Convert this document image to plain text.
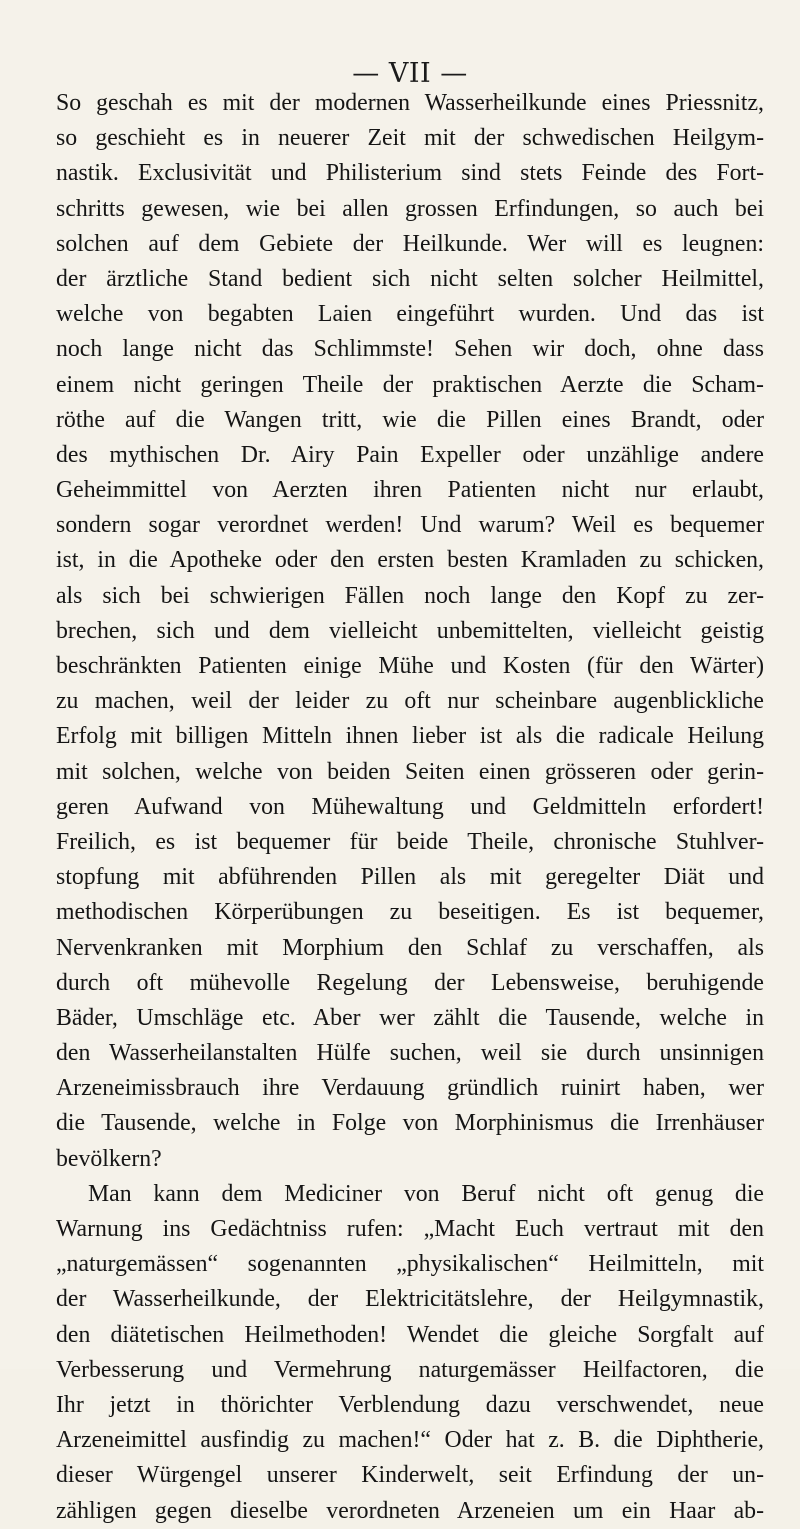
— VII —
So geschah es mit der modernen Wasserheilkunde eines Priessnitz,
so geschieht es in neuerer Zeit mit der schwedischen Heilgym-
nastik. Exclusivität und Philisterium sind stets Feinde des Fort-
schritts gewesen, wie bei allen grossen Erfindungen, so auch bei
solchen auf dem Gebiete der Heilkunde. Wer will es leugnen:
der ärztliche Stand bedient sich nicht selten solcher Heilmittel,
welche von begabten Laien eingeführt wurden. Und das ist
noch lange nicht das Schlimmste! Sehen wir doch, ohne dass
einem nicht geringen Theile der praktischen Aerzte die Scham-
röthe auf die Wangen tritt, wie die Pillen eines Brandt, oder
des mythischen Dr. Airy Pain Expeller oder unzählige andere
Geheimmittel von Aerzten ihren Patienten nicht nur erlaubt,
sondern sogar verordnet werden! Und warum? Weil es bequemer
ist, in die Apotheke oder den ersten besten Kramladen zu schicken,
als sich bei schwierigen Fällen noch lange den Kopf zu zer-
brechen, sich und dem vielleicht unbemittelten, vielleicht geistig
beschränkten Patienten einige Mühe und Kosten (für den Wärter)
zu machen, weil der leider zu oft nur scheinbare augenblickliche
Erfolg mit billigen Mitteln ihnen lieber ist als die radicale Heilung
mit solchen, welche von beiden Seiten einen grösseren oder gerin-
geren Aufwand von Mühewaltung und Geldmitteln erfordert!
Freilich, es ist bequemer für beide Theile, chronische Stuhlver-
stopfung mit abführenden Pillen als mit geregelter Diät und
methodischen Körperübungen zu beseitigen. Es ist bequemer,
Nervenkranken mit Morphium den Schlaf zu verschaffen, als
durch oft mühevolle Regelung der Lebensweise, beruhigende
Bäder, Umschläge etc. Aber wer zählt die Tausende, welche in
den Wasserheilanstalten Hülfe suchen, weil sie durch unsinnigen
Arzeneimissbrauch ihre Verdauung gründlich ruinirt haben, wer
die Tausende, welche in Folge von Morphinismus die Irrenhäuser
bevölkern?
Man kann dem Mediciner von Beruf nicht oft genug die
Warnung ins Gedächtniss rufen: „Macht Euch vertraut mit den
„naturgemässen“ sogenannten „physikalischen“ Heilmitteln, mit
der Wasserheilkunde, der Elektricitätslehre, der Heilgymnastik,
den diätetischen Heilmethoden! Wendet die gleiche Sorgfalt auf
Verbesserung und Vermehrung naturgemässer Heilfactoren, die
Ihr jetzt in thörichter Verblendung dazu verschwendet, neue
Arzeneimittel ausfindig zu machen!“ Oder hat z. B. die Diphtherie,
dieser Würgengel unserer Kinderwelt, seit Erfindung der un-
zähligen gegen dieselbe verordneten Arzeneien um ein Haar ab-
